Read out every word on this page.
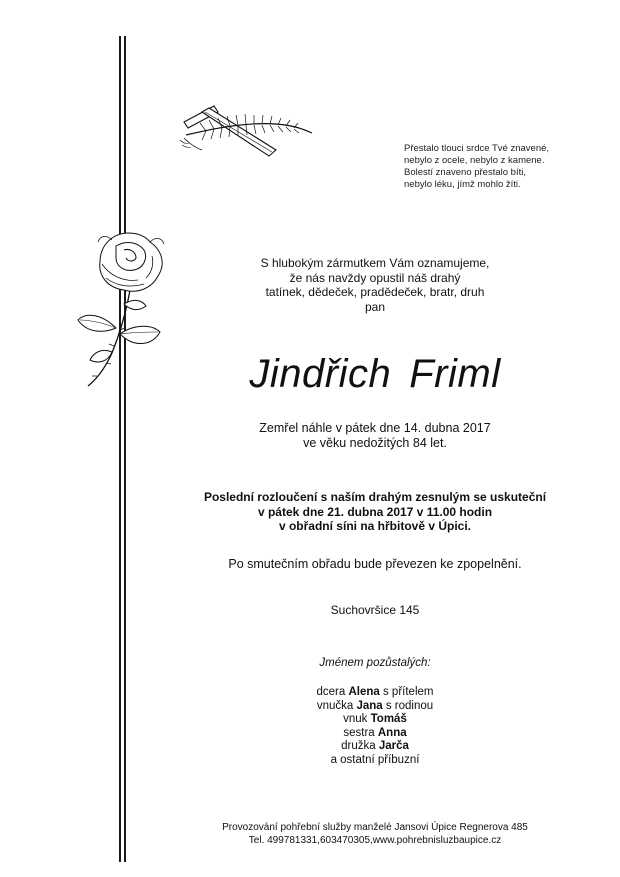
Přestalo tlouci srdce Tvé znavené,
nebylo z ocele, nebylo z kamene.
Bolestí znaveno přestalo bíti,
nebylo léku, jímž mohlo žíti.
S hlubokým zármutkem Vám oznamujeme,
že nás navždy opustil náš drahý
tatínek, dědeček, pradědeček, bratr, druh
pan
Jindřich Friml
Zemřel náhle v pátek dne 14. dubna 2017
ve věku nedožitých 84 let.
Poslední rozloučení s naším drahým zesnulým se uskuteční
v pátek dne 21. dubna 2017 v 11.00 hodin
v obřadní síni na hřbitově v Úpici.
Po smutečním obřadu bude převezen ke zpopelnění.
Suchovršice 145
Jménem pozůstalých:
dcera Alena s přítelem
vnučka Jana s rodinou
vnuk Tomáš
sestra Anna
družka Jarča
a ostatní příbuzní
Provozování pohřební služby manželé Jansovi Úpice Regnerova 485
Tel. 499781331,603470305,www.pohrebnisluzbaupice.cz
